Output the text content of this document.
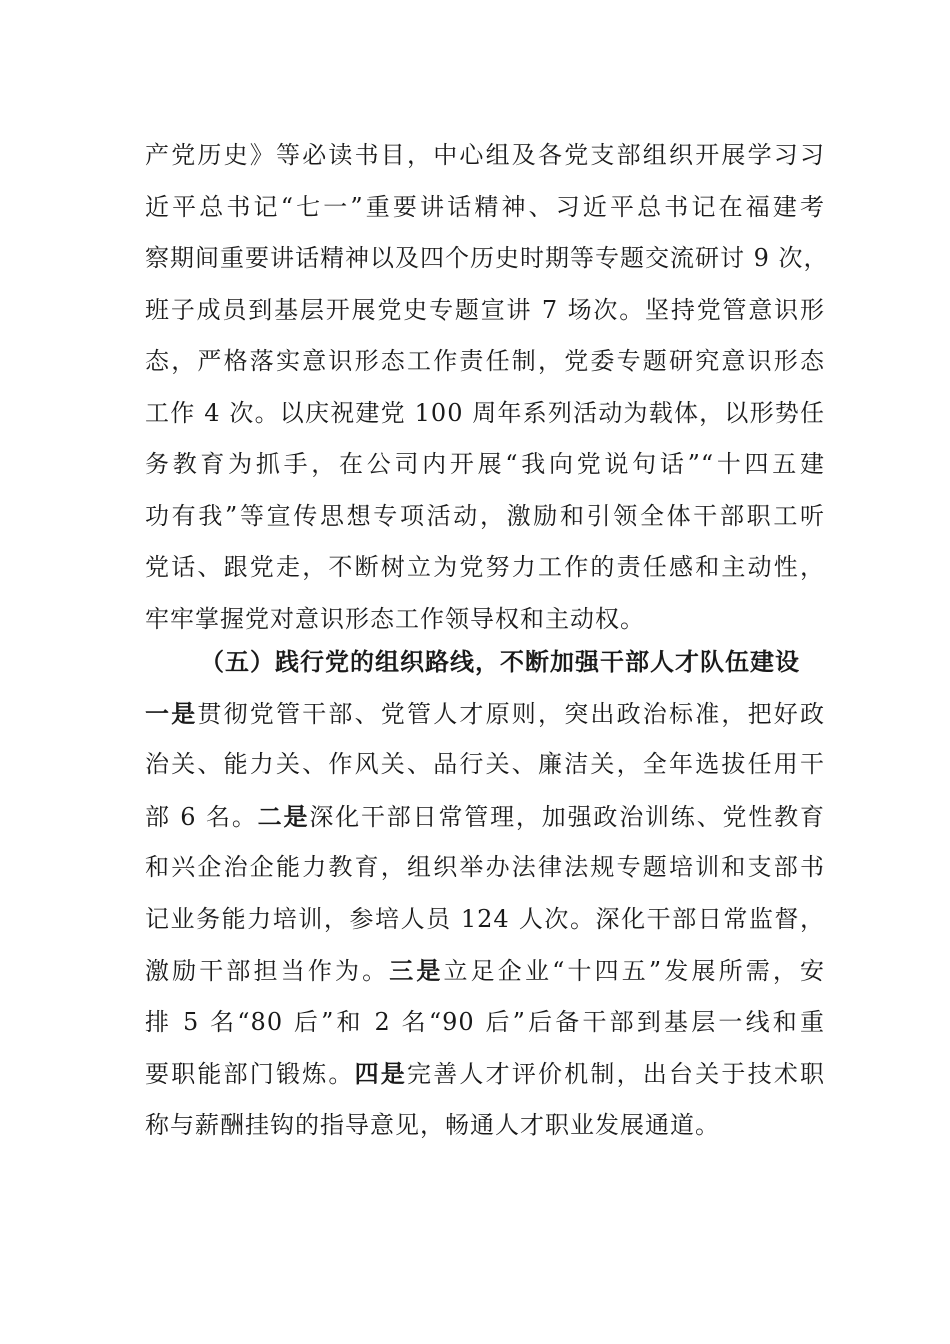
产党历史》等必读书目，中心组及各党支部组织开展学习习
近平总书记“七一”重要讲话精神、习近平总书记在福建考
察期间重要讲话精神以及四个历史时期等专题交流研讨 9 次，
班子成员到基层开展党史专题宣讲 7 场次。坚持党管意识形
态，严格落实意识形态工作责任制，党委专题研究意识形态
工作 4 次。以庆祝建党 100 周年系列活动为载体，以形势任
务教育为抓手，在公司内开展“我向党说句话”“十四五建
功有我”等宣传思想专项活动，激励和引领全体干部职工听
党话、跟党走，不断树立为党努力工作的责任感和主动性，
牢牢掌握党对意识形态工作领导权和主动权。
（五）践行党的组织路线，不断加强干部人才队伍建设
一是贯彻党管干部、党管人才原则，突出政治标准，把好政
治关、能力关、作风关、品行关、廉洁关，全年选拔任用干
部 6 名。二是深化干部日常管理，加强政治训练、党性教育
和兴企治企能力教育，组织举办法律法规专题培训和支部书
记业务能力培训，参培人员 124 人次。深化干部日常监督，
激励干部担当作为。三是立足企业“十四五”发展所需，安
排 5 名“80 后”和 2 名“90 后”后备干部到基层一线和重
要职能部门锻炼。四是完善人才评价机制，出台关于技术职
称与薪酬挂钩的指导意见，畅通人才职业发展通道。
